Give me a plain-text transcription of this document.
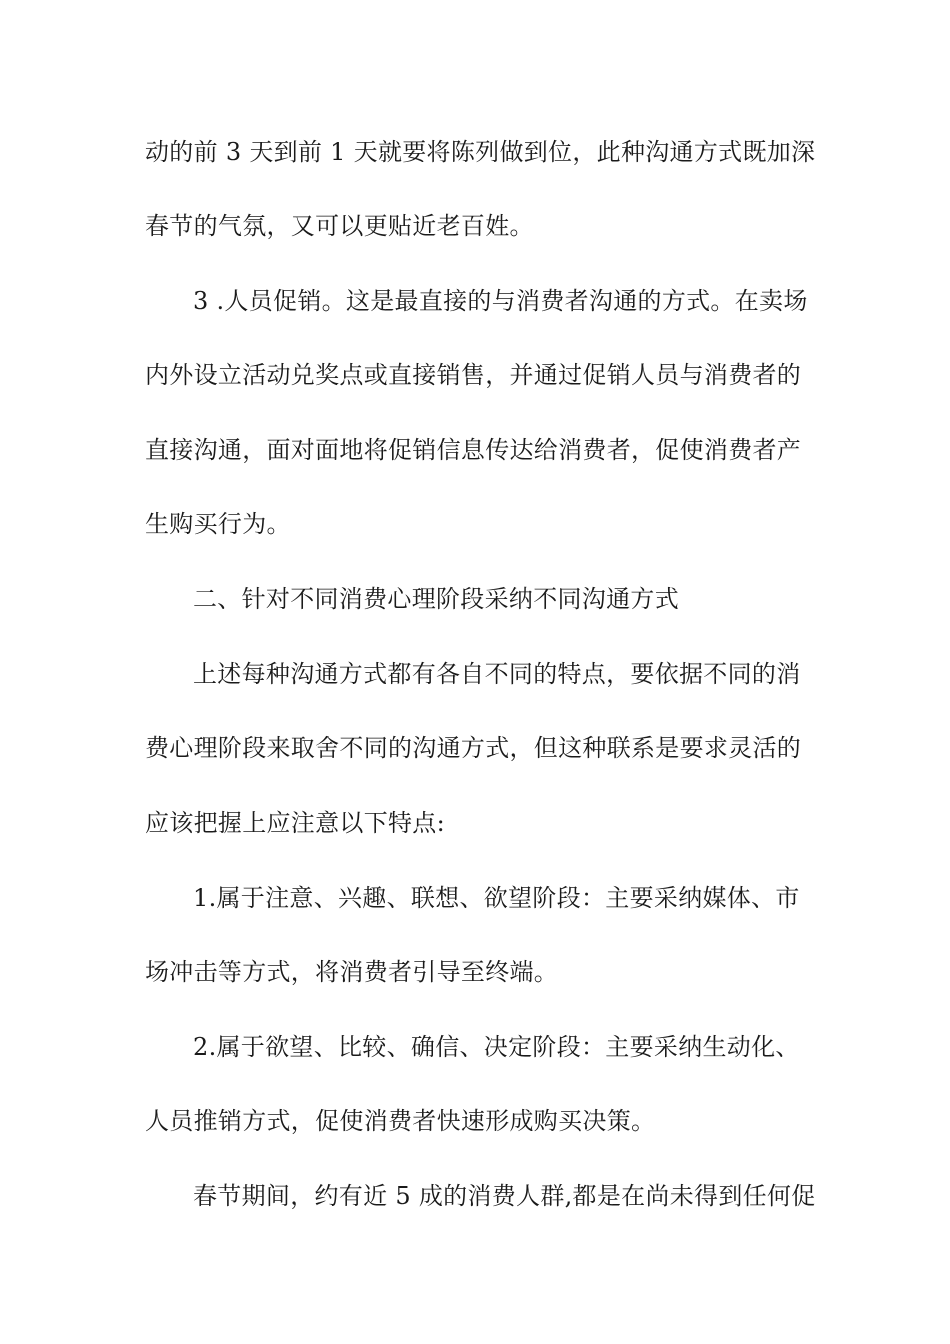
动的前 3 天到前 1 天就要将陈列做到位，此种沟通方式既加深
春节的气氛，又可以更贴近老百姓。
3 .人员促销。这是最直接的与消费者沟通的方式。在卖场
内外设立活动兑奖点或直接销售，并通过促销人员与消费者的
直接沟通，面对面地将促销信息传达给消费者，促使消费者产
生购买行为。
二、针对不同消费心理阶段采纳不同沟通方式
上述每种沟通方式都有各自不同的特点，要依据不同的消
费心理阶段来取舍不同的沟通方式，但这种联系是要求灵活的
应该把握上应注意以下特点:
1.属于注意、兴趣、联想、欲望阶段：主要采纳媒体、市
场冲击等方式，将消费者引导至终端。
2.属于欲望、比较、确信、决定阶段：主要采纳生动化、
人员推销方式，促使消费者快速形成购买决策。
春节期间，约有近 5 成的消费人群,都是在尚未得到任何促
